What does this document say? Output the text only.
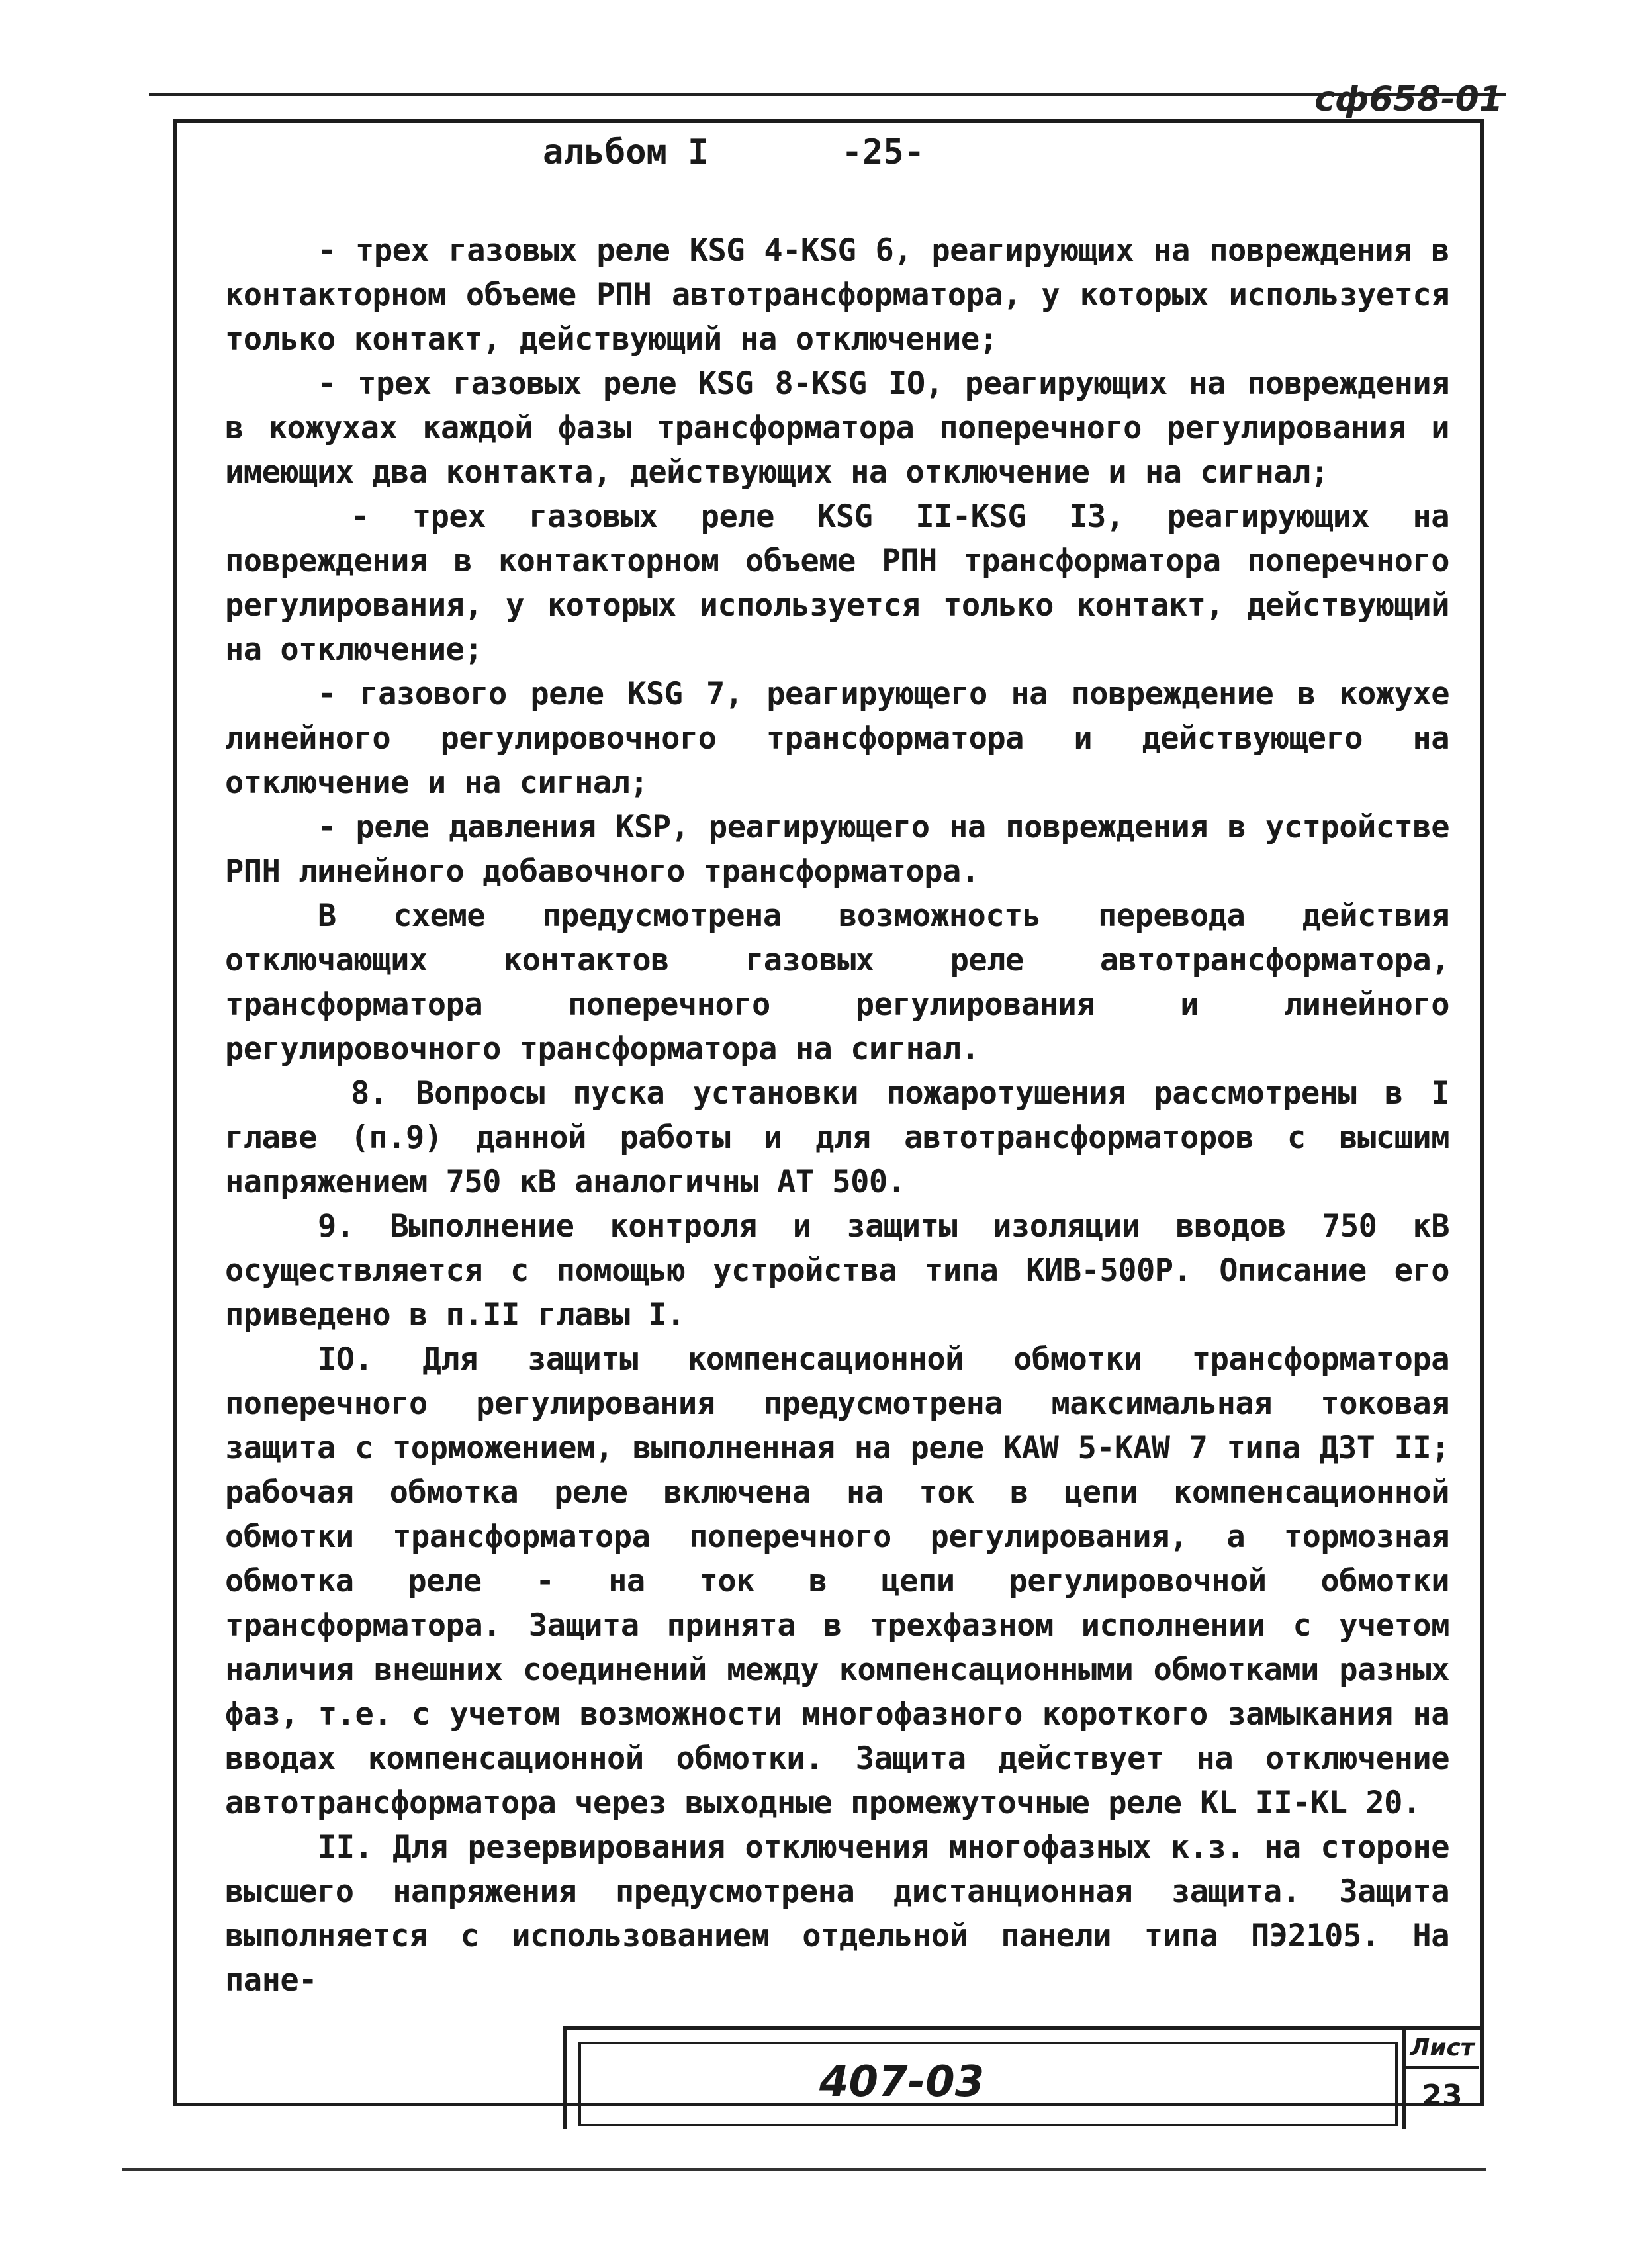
сф658-01
альбом I	-25-

- трех газовых реле KSG 4-KSG 6, реагирующих на повреждения в контакторном объеме РПН автотрансформатора, у которых используется только контакт, действующий на отключение;

- трех газовых реле KSG 8-KSG IO, реагирующих на повреждения в кожухах каждой фазы трансформатора поперечного регулирования и имеющих два контакта, действующих на отключение и на сигнал;

- трех газовых реле KSG II-KSG I3, реагирующих на повреждения в контакторном объеме РПН трансформатора поперечного регулирования, у которых используется только контакт, действующий на отключение;

- газового реле KSG 7, реагирующего на повреждение в кожухе линейного регулировочного трансформатора и действующего на отключение и на сигнал;

- реле давления KSP, реагирующего на повреждения в устройстве РПН линейного добавочного трансформатора.

В схеме предусмотрена возможность перевода действия отключающих контактов газовых реле автотрансформатора, трансформатора поперечного регулирования и линейного регулировочного трансформатора на сигнал.

8. Вопросы пуска установки пожаротушения рассмотрены в I главе (п.9) данной работы и для автотрансформаторов с высшим напряжением 750 кВ аналогичны АТ 500.

9. Выполнение контроля и защиты изоляции вводов 750 кВ осуществляется с помощью устройства типа КИВ-500Р. Описание его приведено в п.II главы I.

IO. Для защиты компенсационной обмотки трансформатора поперечного регулирования предусмотрена максимальная токовая защита с торможением, выполненная на реле KAW 5-KAW 7 типа ДЗТ II; рабочая обмотка реле включена на ток в цепи компенсационной обмотки трансформатора поперечного регулирования, а тормозная обмотка реле - на ток в цепи регулировочной обмотки трансформатора. Защита принята в трехфазном исполнении с учетом наличия внешних соединений между компенсационными обмотками разных фаз, т.е. с учетом возможности многофазного короткого замыкания на вводах компенсационной обмотки. Защита действует на отключение автотрансформатора через выходные промежуточные реле KL II-KL 20.

II. Для резервирования отключения многофазных к.з. на стороне высшего напряжения предусмотрена дистанционная защита. Защита выполняется с использованием отдельной панели типа ПЭ2105. На пане-

407-03
Лист
23
